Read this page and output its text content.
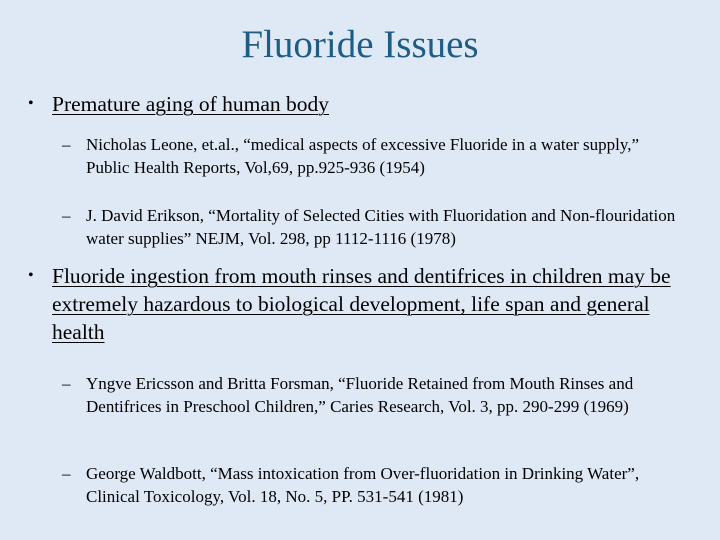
Fluoride Issues
• Premature aging of human body
– Nicholas Leone, et.al., “medical aspects of excessive Fluoride in a water supply,” Public Health Reports, Vol,69, pp.925-936 (1954)
– J. David Erikson, “Mortality of Selected Cities with Fluoridation and Non-flouridation water supplies” NEJM, Vol. 298, pp 1112-1116 (1978)
• Fluoride ingestion from mouth rinses and dentifrices in children may be extremely hazardous to biological development, life span and general health
– Yngve Ericsson and Britta Forsman, “Fluoride Retained from Mouth Rinses and Dentifrices in Preschool Children,” Caries Research, Vol. 3, pp. 290-299 (1969)
– George Waldbott, “Mass intoxication from Over-fluoridation in Drinking Water”, Clinical Toxicology, Vol. 18, No. 5, PP. 531-541 (1981)
